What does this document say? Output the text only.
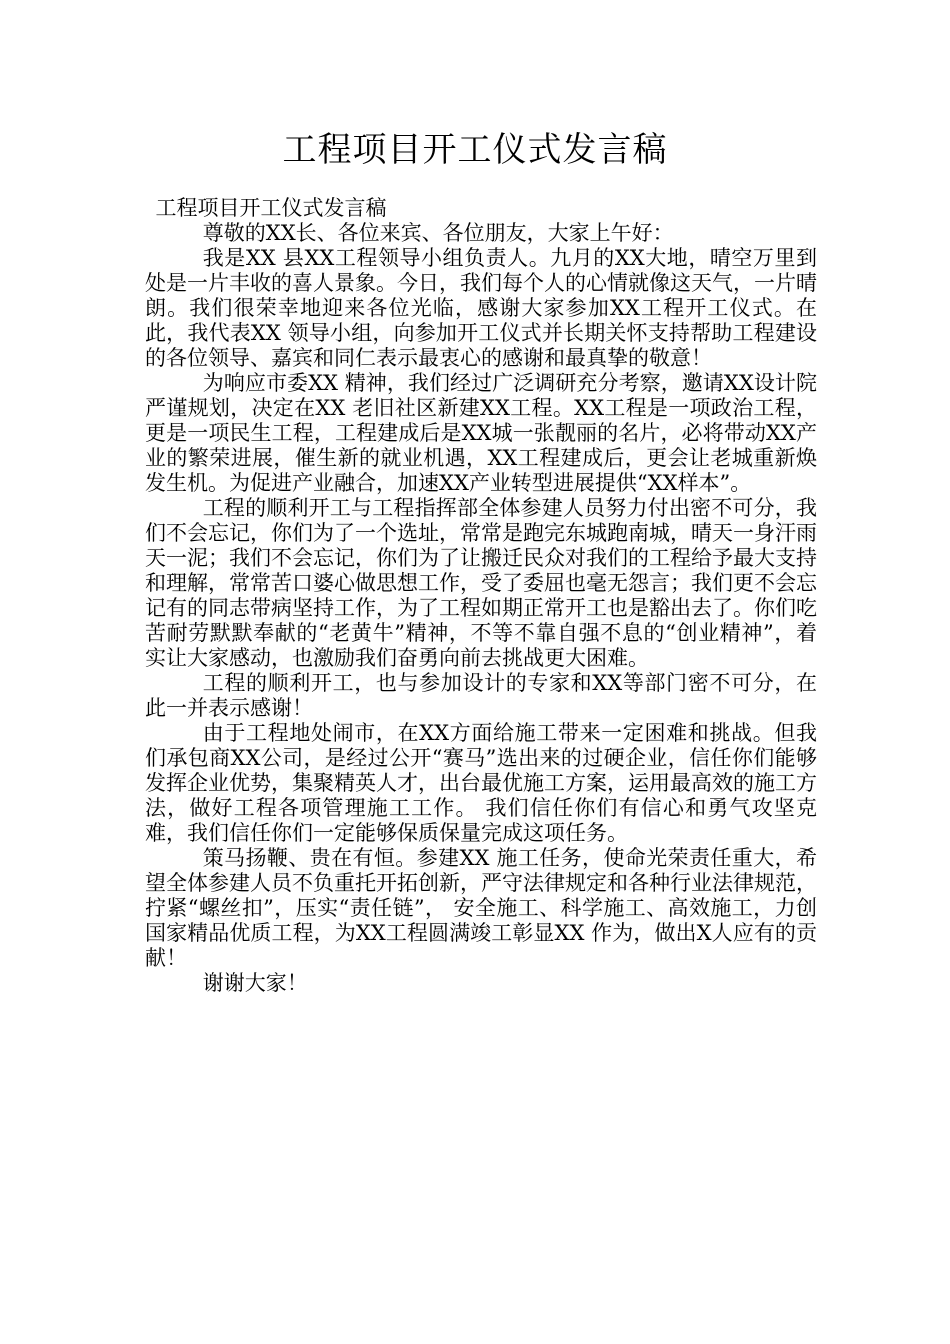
工程项目开工仪式发言稿

工程项目开工仪式发言稿

尊敬的XX长、各位来宾、各位朋友，大家上午好：

我是XX 县XX工程领导小组负责人。九月的XX大地，晴空万里到处是一片丰收的喜人景象。今日，我们每个人的心情就像这天气，一片晴朗。我们很荣幸地迎来各位光临，感谢大家参加XX工程开工仪式。在此，我代表XX 领导小组，向参加开工仪式并长期关怀支持帮助工程建设的各位领导、嘉宾和同仁表示最衷心的感谢和最真挚的敬意！

为响应市委XX 精神，我们经过广泛调研充分考察，邀请XX设计院严谨规划，决定在XX 老旧社区新建XX工程。XX工程是一项政治工程，更是一项民生工程，工程建成后是XX城一张靓丽的名片，必将带动XX产业的繁荣进展，催生新的就业机遇，XX工程建成后，更会让老城重新焕发生机。为促进产业融合，加速XX产业转型进展提供“XX样本”。

工程的顺利开工与工程指挥部全体参建人员努力付出密不可分，我们不会忘记，你们为了一个选址，常常是跑完东城跑南城，晴天一身汗雨天一泥；我们不会忘记，你们为了让搬迁民众对我们的工程给予最大支持和理解，常常苦口婆心做思想工作，受了委屈也毫无怨言；我们更不会忘记有的同志带病坚持工作，为了工程如期正常开工也是豁出去了。你们吃苦耐劳默默奉献的“老黄牛”精神，不等不靠自强不息的“创业精神”，着实让大家感动，也激励我们奋勇向前去挑战更大困难。

工程的顺利开工，也与参加设计的专家和XX等部门密不可分，在此一并表示感谢！

由于工程地处闹市，在XX方面给施工带来一定困难和挑战。但我们承包商XX公司，是经过公开“赛马”选出来的过硬企业，信任你们能够发挥企业优势，集聚精英人才，出台最优施工方案，运用最高效的施工方法，做好工程各项管理施工工作。 我们信任你们有信心和勇气攻坚克难，我们信任你们一定能够保质保量完成这项任务。

策马扬鞭、贵在有恒。参建XX 施工任务，使命光荣责任重大，希望全体参建人员不负重托开拓创新，严守法律规定和各种行业法律规范，拧紧“螺丝扣”，压实“责任链”， 安全施工、科学施工、高效施工，力创国家精品优质工程，为XX工程圆满竣工彰显XX 作为，做出X人应有的贡献！

谢谢大家！
